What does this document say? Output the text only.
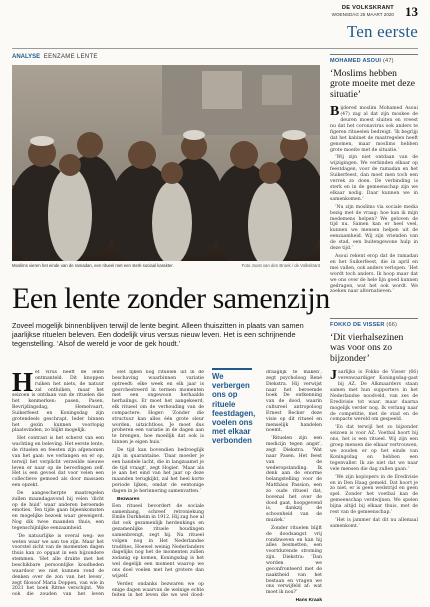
DE VOLKSKRANT
WOENSDAG 25 MAART 2020 13
Ten eerste
ANALYSE EENZAME LENTE
Moslims vieren het einde van de ramadan, een ritueel met een sterk sociaal karakter.	Foto Joost van den Broek / de Volkskrant
MOHAMED ASOUI (47)
‘Moslims hebben grote moeite met deze situatie’

Bijdered moslim Mohamed Asoui (47) zag al dat zijn moskee de deuren moest sluiten en vreest nu dat het coronavirus ook anders te figeren ritueelen bedreigt. ‘Ik begrijp dat het kabinet de maatregelen heeft genomen, maar moslims hebben grote moeite met de situatie.’

‘Wij zijn niet ontdaan van de wijzigingen. We verbinden elkaar op feestdagen, voor de ramadan en het Suikerfeest, dan moet men toch een verrek zo doen. De verbinding is sterk en in de gemeenschap zijn we elkaar nodig. Daar kunnen we in samenkomen.’

‘Nu zijn moslims via sociale media bezig met de vraag: hoe kan ik mijn medemens helpen? We geloven de tijd nu. Samen kan er heel veel, kunnen we mensen helpen uit de eenzaamheid. Wij zijn vrienden van de stad, een buitengewone hulp in deze tijd.’

Asoui rekent erop dat de ramadan en het Suikerfeest, die in april en mei vallen, ook anders verlopen. ‘Het wordt toch anders. Ik hoop maar dat we ons over de hele lijn goed kunnen gedragen, wat het ook wordt. We zoeken naar alternatieven.’

FOKKO DE VISSER (66)
‘Dit vierhalsezinen was voor ons zo bijzonder’

Jaarlijks is Fokko de Visser (66) verenwaardiger Koningsdag-gast bij AZ. De Alkmaarders staan samen met hun supporters in het Nederlandse noodveld, van zes de Eredivisie tot waar, maar daarna mogelijk verder nog. Ik verlang naar de competitie, met de stad en de compacte wereld om gespeeld.

‘En dat terwijl het zo bijzonder seizoen is voor AZ. Voetbal hoort bij ons, het is een ritueel. Wij zijn een groep mensen die elkaar vertrouwen, we zouden er op het einde van Koningsdag en hebben een tegenvaller. Ik zie niet dat we naar vele mensen die dag zullen gaan.’

‘We zijn koplopers in de Eredivisie en in Den Haag gemeld. Dat hoort je zo niet, er is geen wedstrijd en geen spel. Zonder het voetbal kan de gemeenschap verdwijnen. We spelen bijna altijd bij elkaar thuis, met de rest van de gemeenschap.’

‘Het is jammer dat dit nu allemaal samenkomt.’

Een lente zonder samenzijn
Zoveel mogelijk binnenblijven terwijl de lente begint. Alleen thuiszitten in plaats van samen jaarlijkse rituelen beleven. Een dodelijk virus versus nieuw leven. Het is een schrijnende tegenstelling. ‘Alsof de wereld je voor de gek houdt.’

Het virus heeft de lente ontmanteld. Dit knoppen ruiken het niets, de natuur zal ontluiken, maar het seizoen is ontdaan van de rituelen die het kenmerken: pasen, Pasen, Bevrijdingsdag, Hemelvaart, Suikerfeest en Koningsdag zijn grotendeels geschrapt. Ieder binnen het gezin kunnen voorlopig plaatsvinden, zo blijkt mogelijk.

Het contrast is het scherst van een wachting en beleving. Het eerste lente, de rituelen en feesten zijn afgenomen van het gaat: we verlangen en er op, terwijl het verplicht verzeilde nieuwe leven er naar op de beroofingen zelf. Het is een gevoel dat voor velen een collectieve gemoed als door massaen een opzekt.

De aangescherpte maatregelen zullen maandagavond bij velen ‘dicht op de huid’ waar anderen beroemde emoties. Ten tijde gaan bijeenkomsten en mogelijke bezoek waar geweigerd. Nog dik twee maanden thuis, een tegenschijnlijke eenzaamheid.

‘De natuurlijke is overal weg: we weten waar we aan toe zijn. Maar het voorstel zicht van de momenten dagen thuis kan zo opgaat in een bijzondere stemmen. ‘Het alle drukte met het beschikbare persoonlijke koudheden waardoor we niet kunnen rond de denken over de zon van het leven’, zegt filosoof Maria Doppen, van wie in 2021 het boek Ritme verschijnt. ‘We ook die zouden van het leven

Het lijken nog rituelen uit in de beschaving waarbinnen variatie optreedt: elke week en elk jaar is georchestreerd in termen momenten met een ongewoon herhaalde herhalings. Er moet het aangekeerd, elk ritueel om de verhouding van de compactere. Hoger: ‘Zonder die structuur kan alles één grote sleur worden, uitzichtloos. Je moet dus proberen een variatie in de dagen aan te brengen, hoe moeilijk dat ook is binnen je eigen huis.’

De tijd kan bovendien bedroeglijk zijn in quarantaine. ‘Daar moeder je een handele lacht, die in langzaamst je de tijd vraagt’, zegt Hogier. ‘Maar als je aan het eind van het jaar op deze maanden terugkijkt, zal het heel korte periode lijken, omdat de eentonige dagen in je herinnering samenvatten.’

Bezwaren

Een ritueel bevordert de sociale samenhang, schreef retroniekung Emile Durkheim in 1912. Hij zag hoe al dat ook gezamenlijk herdenkings en gezamenlijke rituele houdingen samenbrengt, zegt hij. Na ritueel volgen nog in Het Nederlandse tradities, Hoewel weinig Nederlanders dagelijks nog het de momenten zullen zodanig op komen, Koningsdag is het wel degelijk een moment waarop we ons doel voelen met het grotere dan wijzelf.

Verder, ondanks bezwaren we op enige dagen waarvan de weinige echte feiten in het leven die we wel dood-

We verbergen ons op rituele feestdagen, voelen ons met elkaar verbonden

draaglijk te maken’, zegt psycholoog René Diekstra. Hij verwijst naar het beroemde boek De ontkenning van de dood, waarin cultureel antropoloog Ernest Becker deze visie op dit ritueel en menselijk handelen noemt.

‘Rituelen zijn een medicijn tegen angst’, zegt Diekstra. ‘Wat naar Pasen. Het feest van de wederopstanding. Ik denk aan de enorme belangstelling voor de Matthäus Passion, een zo oude ritueel dat, bovenal het over de dood gaat, hoopgevend is, dankzij de schoonheid van de muziek.’

Zonder rituelen blijft de doodsangst vrij rondzweven en kan hij alles besmetten, een voortdurende stroming zijn. Diekstra: ‘Dan worden we geconfronteerd met de naaktheid van het bestaan en vragen we ons verwijfeld af: wat moet ik nou?’

Hans Kraak
